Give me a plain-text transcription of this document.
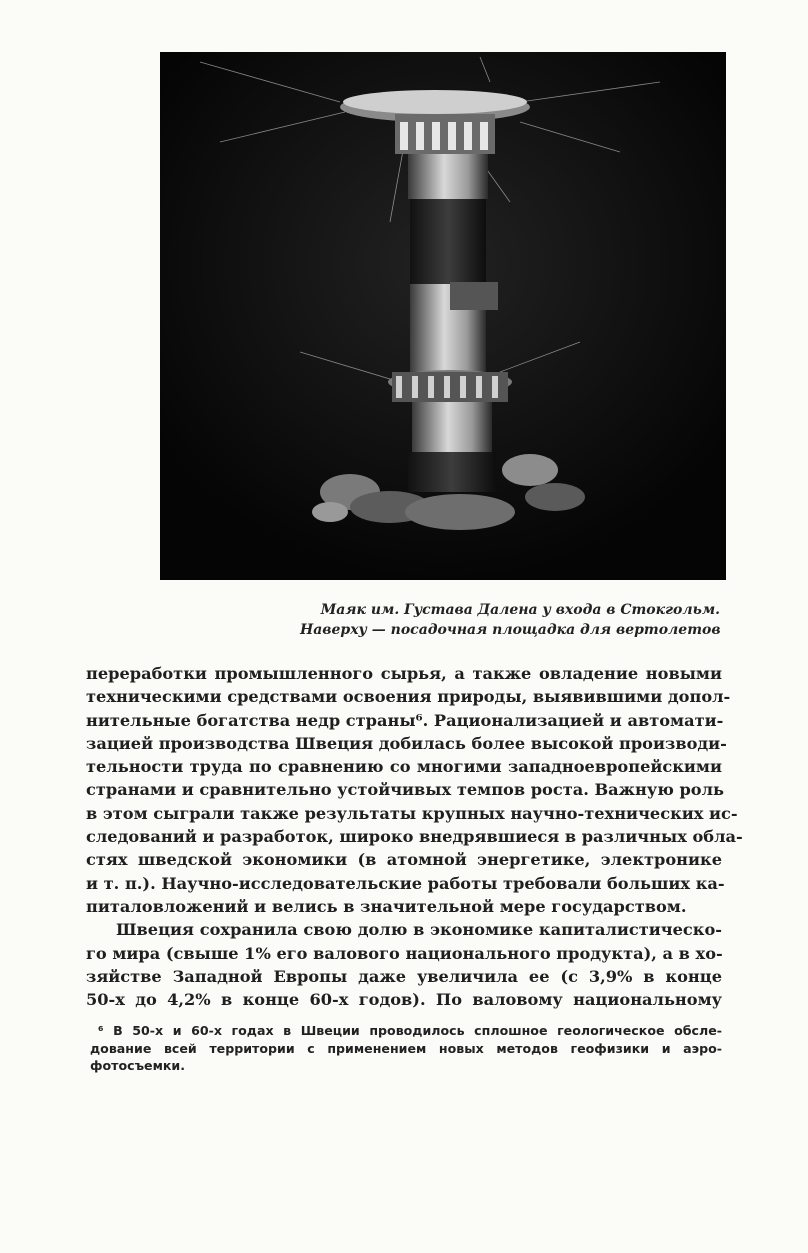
Маяк им. Густава Далена у входа в Стокгольм.
Наверху — посадочная площадка для вертолетов
переработки промышленного сырья, а также овладение новыми
техническими средствами освоения природы, выявившими допол-
нительные богатства недр страны⁶. Рационализацией и автомати-
зацией производства Швеция добилась более высокой производи-
тельности труда по сравнению со многими западноевропейскими
странами и сравнительно устойчивых темпов роста. Важную роль
в этом сыграли также результаты крупных научно-технических ис-
следований и разработок, широко внедрявшиеся в различных обла-
стях шведской экономики (в атомной энергетике, электронике
и т. п.). Научно-исследовательские работы требовали больших ка-
питаловложений и велись в значительной мере государством.
Швеция сохранила свою долю в экономике капиталистическо-
го мира (свыше 1% его валового национального продукта), а в хо-
зяйстве Западной Европы даже увеличила ее (с 3,9% в конце
50-х до 4,2% в конце 60-х годов). По валовому национальному
⁶ В 50-х и 60-х годах в Швеции проводилось сплошное геологическое обсле-
дование всей территории с применением новых методов геофизики и аэро-
фотосъемки.
